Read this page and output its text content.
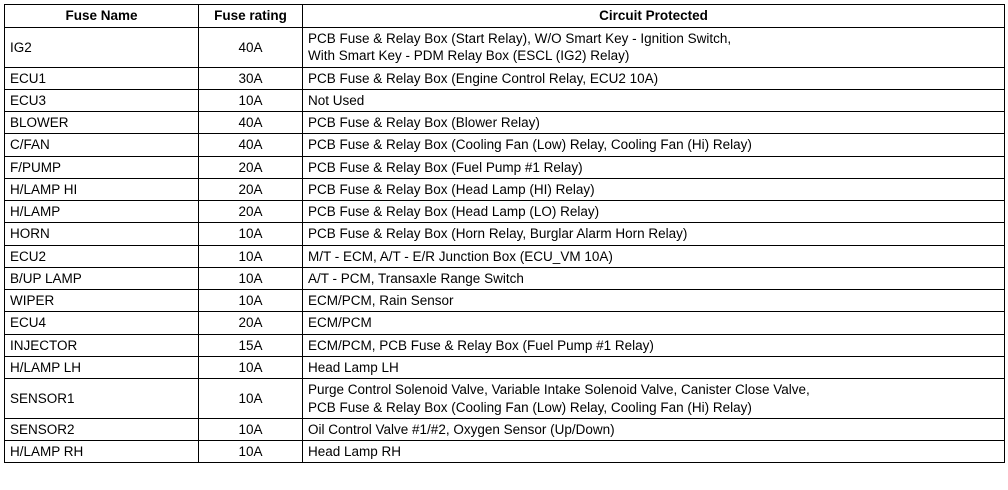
Fuse Name	Fuse rating	Circuit Protected
IG2	40A	PCB Fuse & Relay Box (Start Relay), W/O Smart Key - Ignition Switch,
With Smart Key - PDM Relay Box (ESCL (IG2) Relay)

ECU1	30A	PCB Fuse & Relay Box (Engine Control Relay, ECU2 10A)

ECU3	10A	Not Used

BLOWER	40A	PCB Fuse & Relay Box (Blower Relay)

C/FAN	40A	PCB Fuse & Relay Box (Cooling Fan (Low) Relay, Cooling Fan (Hi) Relay)

F/PUMP	20A	PCB Fuse & Relay Box (Fuel Pump #1 Relay)

H/LAMP HI	20A	PCB Fuse & Relay Box (Head Lamp (HI) Relay)

H/LAMP	20A	PCB Fuse & Relay Box (Head Lamp (LO) Relay)

HORN	10A	PCB Fuse & Relay Box (Horn Relay, Burglar Alarm Horn Relay)

ECU2	10A	M/T - ECM, A/T - E/R Junction Box (ECU_VM 10A)

B/UP LAMP	10A	A/T - PCM, Transaxle Range Switch

WIPER	10A	ECM/PCM, Rain Sensor

ECU4	20A	ECM/PCM

INJECTOR	15A	ECM/PCM, PCB Fuse & Relay Box (Fuel Pump #1 Relay)

H/LAMP LH	10A	Head Lamp LH

SENSOR1	10A	Purge Control Solenoid Valve, Variable Intake Solenoid Valve, Canister Close Valve,
PCB Fuse & Relay Box (Cooling Fan (Low) Relay, Cooling Fan (Hi) Relay)

SENSOR2	10A	Oil Control Valve #1/#2, Oxygen Sensor (Up/Down)

H/LAMP RH	10A	Head Lamp RH
